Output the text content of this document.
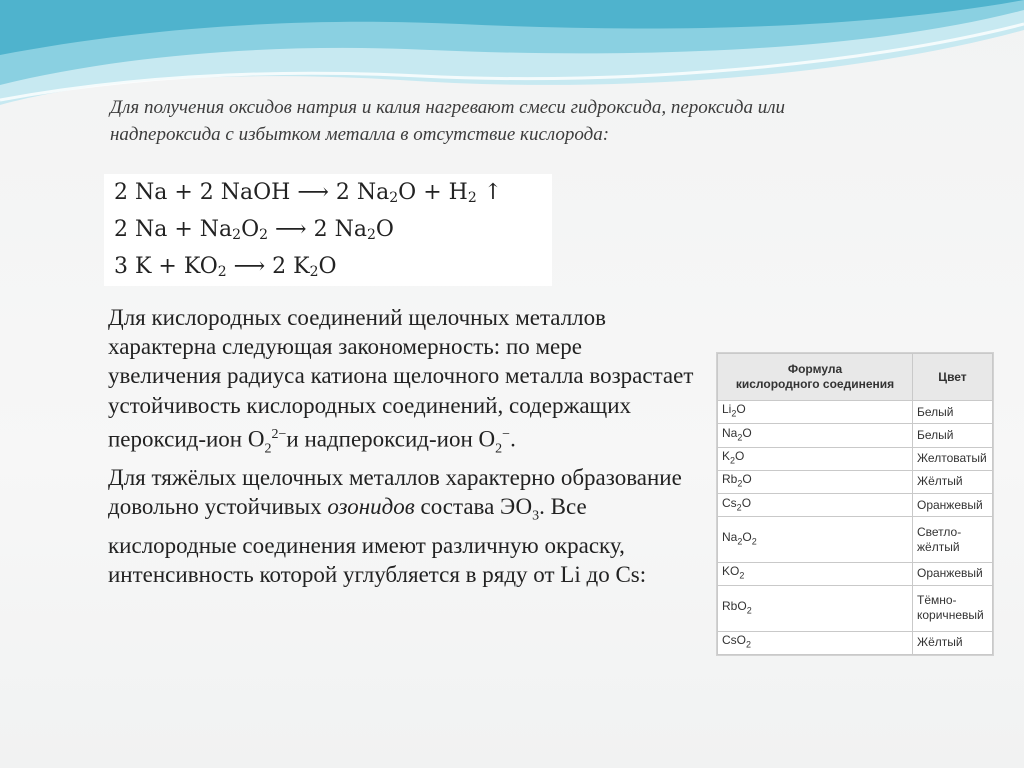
Для получения оксидов натрия и калия нагревают смеси гидроксида, пероксида или надпероксида с избытком металла в отсутствие кислорода:
2 Na + 2 NaOH ⟶ 2 $Na_2O + H_2$ ↑
2 $Na + Na_2O_2$ ⟶ 2 $Na_2O$
3 $K + KO_2$ ⟶ 2 $K_2O$

Для кислородных соединений щелочных металлов характерна следующая закономерность: по мере увеличения радиуса катиона щелочного металла возрастает устойчивость кислородных соединений, содержащих пероксид-ион $O_2^{2-}и$ надпероксид-ион $O_2^-$.

Для тяжёлых щелочных металлов характерно образование довольно устойчивых озонидов состава $ЭО_3$. Все кислородные соединения имеют различную окраску, интенсивность которой углубляется в ряду от Li до Cs:

Формула
кислородного соединения	Цвет
$Li_2O$	Белый
$Na_2O$	Белый
$K_2O$	Желтоватый
$Rb_2O$	Жёлтый
$Cs_2O$	Оранжевый
$Na_2O_2$	Светло-
жёлтый
$KO_2$	Оранжевый
RbO$_2$	Тёмно-
коричневый
CsO$_2$	Жёлтый
